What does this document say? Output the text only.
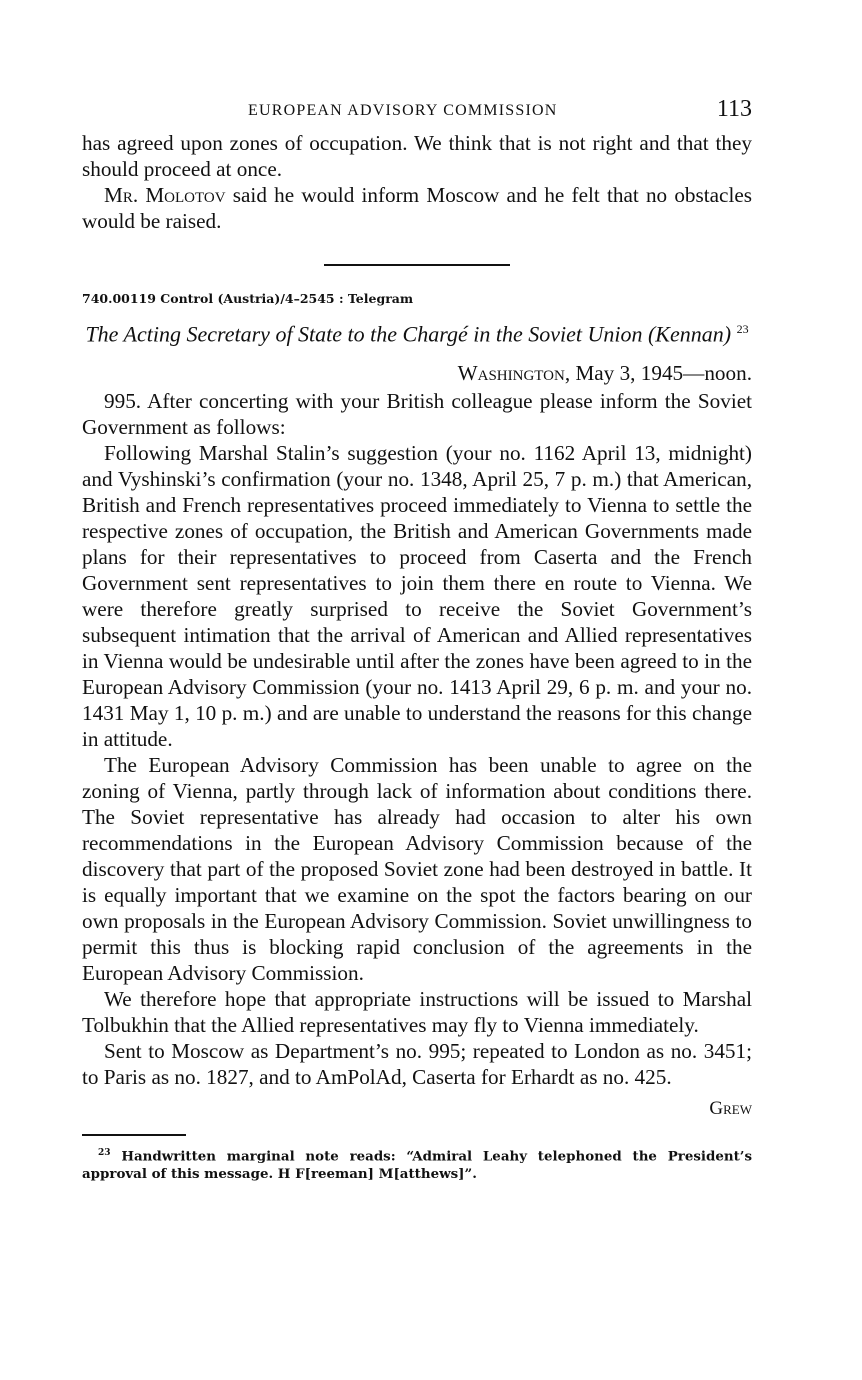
EUROPEAN ADVISORY COMMISSION	113

has agreed upon zones of occupation. We think that is not right and that they should proceed at once.

Mr. Molotov said he would inform Moscow and he felt that no obstacles would be raised.

740.00119 Control (Austria)/4–2545 : Telegram
The Acting Secretary of State to the Chargé in the Soviet Union (Kennan) $^{23}$
Washington, May 3, 1945—noon.

995. After concerting with your British colleague please inform the Soviet Government as follows:

Following Marshal Stalin’s suggestion (your no. 1162 April 13, midnight) and Vyshinski’s confirmation (your no. 1348, April 25, 7 p. m.) that American, British and French representatives proceed immediately to Vienna to settle the respective zones of occupation, the British and American Governments made plans for their representatives to proceed from Caserta and the French Government sent representatives to join them there en route to Vienna. We were therefore greatly surprised to receive the Soviet Government’s subsequent intimation that the arrival of American and Allied representatives in Vienna would be undesirable until after the zones have been agreed to in the European Advisory Commission (your no. 1413 April 29, 6 p. m. and your no. 1431 May 1, 10 p. m.) and are unable to understand the reasons for this change in attitude.

The European Advisory Commission has been unable to agree on the zoning of Vienna, partly through lack of information about conditions there. The Soviet representative has already had occasion to alter his own recommendations in the European Advisory Commission because of the discovery that part of the proposed Soviet zone had been destroyed in battle. It is equally important that we examine on the spot the factors bearing on our own proposals in the European Advisory Commission. Soviet unwillingness to permit this thus is blocking rapid conclusion of the agreements in the European Advisory Commission.

We therefore hope that appropriate instructions will be issued to Marshal Tolbukhin that the Allied representatives may fly to Vienna immediately.

Sent to Moscow as Department’s no. 995; repeated to London as no. 3451; to Paris as no. 1827, and to AmPolAd, Caserta for Erhardt as no. 425.

Grew
$^{23}$ Handwritten marginal note reads: “Admiral Leahy telephoned the President’s approval of this message. H F[reeman] M[atthews]”.
